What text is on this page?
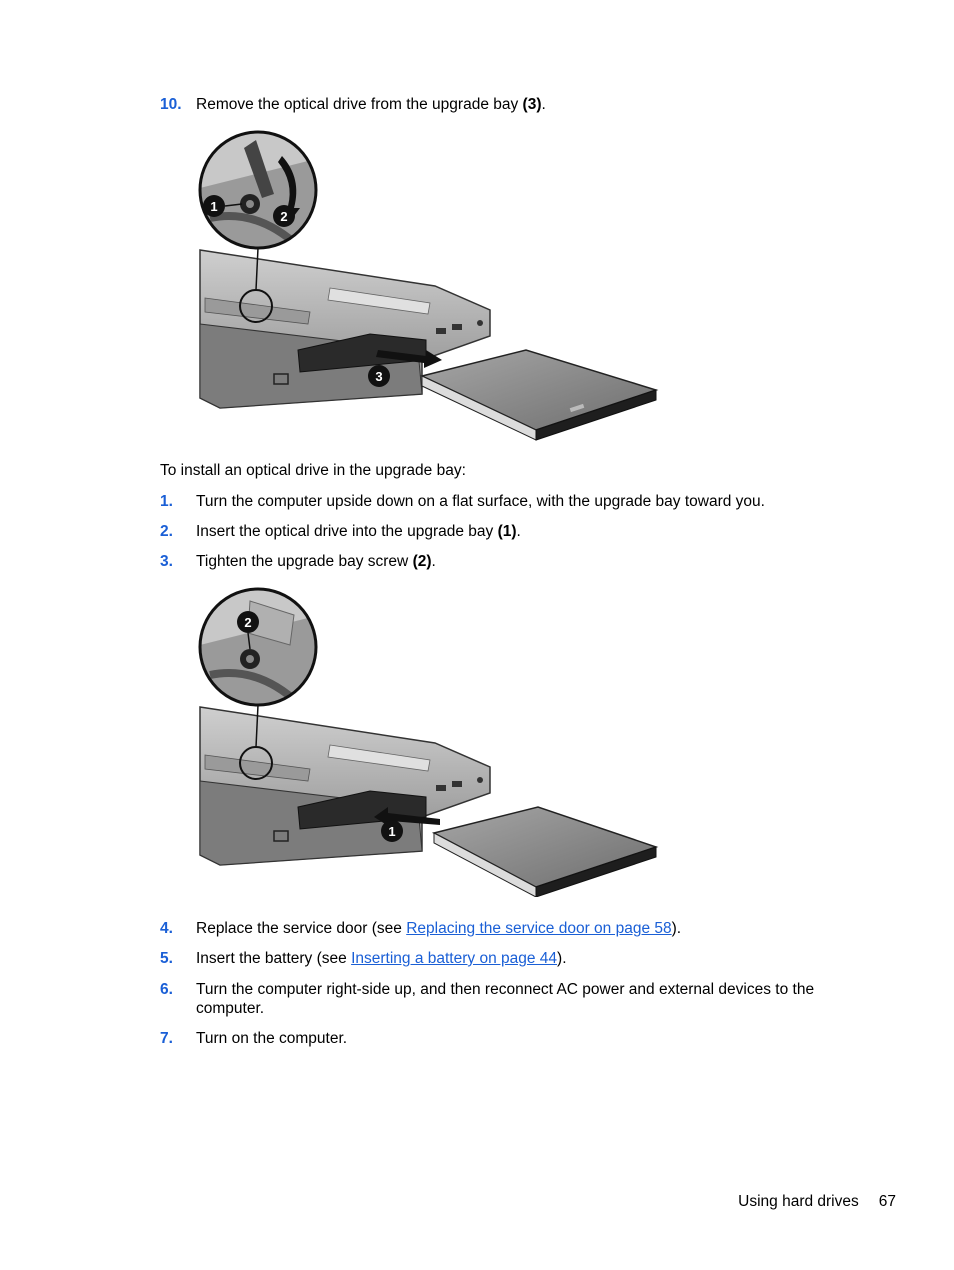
10. Remove the optical drive from the upgrade bay (3).
3
1
2
To install an optical drive in the upgrade bay:
1. Turn the computer upside down on a flat surface, with the upgrade bay toward you.
2. Insert the optical drive into the upgrade bay (1).
3. Tighten the upgrade bay screw (2).
1
2
4. Replace the service door (see Replacing the service door on page 58).
5. Insert the battery (see Inserting a battery on page 44).
6. Turn the computer right-side up, and then reconnect AC power and external devices to the computer.
7. Turn on the computer.
Using hard drives 67
